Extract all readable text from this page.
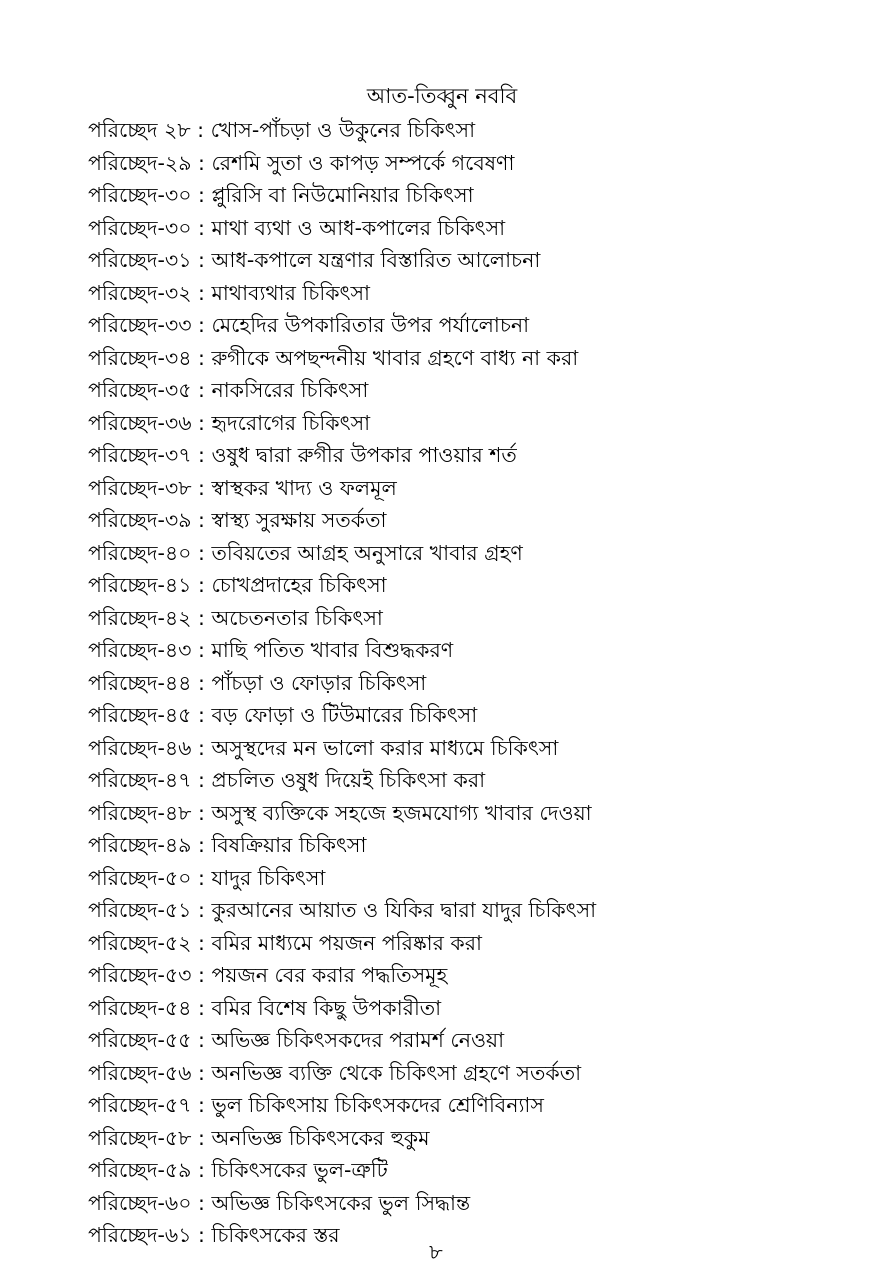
আত-তিব্বুন নববি
পরিচ্ছেদ ২৮ : খোস-পাঁচড়া ও উকুনের চিকিৎসা
পরিচ্ছেদ-২৯ : রেশমি সুতা ও কাপড় সম্পর্কে গবেষণা
পরিচ্ছেদ-৩০ : প্লুরিসি বা নিউমোনিয়ার চিকিৎসা
পরিচ্ছেদ-৩০ : মাথা ব্যথা ও আধ-কপালের চিকিৎসা
পরিচ্ছেদ-৩১ : আধ-কপালে যন্ত্রণার বিস্তারিত আলোচনা
পরিচ্ছেদ-৩২ : মাথাব্যথার চিকিৎসা
পরিচ্ছেদ-৩৩ : মেহেদির উপকারিতার উপর পর্যালোচনা
পরিচ্ছেদ-৩৪ : রুগীকে অপছন্দনীয় খাবার গ্রহণে বাধ্য না করা
পরিচ্ছেদ-৩৫ : নাকসিরের চিকিৎসা
পরিচ্ছেদ-৩৬ : হৃদরোগের চিকিৎসা
পরিচ্ছেদ-৩৭ : ওষুধ দ্বারা রুগীর উপকার পাওয়ার শর্ত
পরিচ্ছেদ-৩৮ : স্বাস্থকর খাদ্য ও ফলমূল
পরিচ্ছেদ-৩৯ : স্বাস্থ্য সুরক্ষায় সতর্কতা
পরিচ্ছেদ-৪০ : তবিয়তের আগ্রহ অনুসারে খাবার গ্রহণ
পরিচ্ছেদ-৪১ : চোখপ্রদাহের চিকিৎসা
পরিচ্ছেদ-৪২ : অচেতনতার চিকিৎসা
পরিচ্ছেদ-৪৩ : মাছি পতিত খাবার বিশুদ্ধকরণ
পরিচ্ছেদ-৪৪ : পাঁচড়া ও ফোড়ার চিকিৎসা
পরিচ্ছেদ-৪৫ : বড় ফোড়া ও টিউমারের চিকিৎসা
পরিচ্ছেদ-৪৬ : অসুস্থদের মন ভালো করার মাধ্যমে চিকিৎসা
পরিচ্ছেদ-৪৭ : প্রচলিত ওষুধ দিয়েই চিকিৎসা করা
পরিচ্ছেদ-৪৮ : অসুস্থ ব্যক্তিকে সহজে হজমযোগ্য খাবার দেওয়া
পরিচ্ছেদ-৪৯ : বিষক্রিয়ার চিকিৎসা
পরিচ্ছেদ-৫০ : যাদুর চিকিৎসা
পরিচ্ছেদ-৫১ : কুরআনের আয়াত ও যিকির দ্বারা যাদুর চিকিৎসা
পরিচ্ছেদ-৫২ : বমির মাধ্যমে পয়জন পরিষ্কার করা
পরিচ্ছেদ-৫৩ : পয়জন বের করার পদ্ধতিসমূহ
পরিচ্ছেদ-৫৪ : বমির বিশেষ কিছু উপকারীতা
পরিচ্ছেদ-৫৫ : অভিজ্ঞ চিকিৎসকদের পরামর্শ নেওয়া
পরিচ্ছেদ-৫৬ : অনভিজ্ঞ ব্যক্তি থেকে চিকিৎসা গ্রহণে সতর্কতা
পরিচ্ছেদ-৫৭ : ভুল চিকিৎসায় চিকিৎসকদের শ্রেণিবিন্যাস
পরিচ্ছেদ-৫৮ : অনভিজ্ঞ চিকিৎসকের হুকুম
পরিচ্ছেদ-৫৯ : চিকিৎসকের ভুল-ত্রুটি
পরিচ্ছেদ-৬০ : অভিজ্ঞ চিকিৎসকের ভুল সিদ্ধান্ত
পরিচ্ছেদ-৬১ : চিকিৎসকের স্তর
৮
